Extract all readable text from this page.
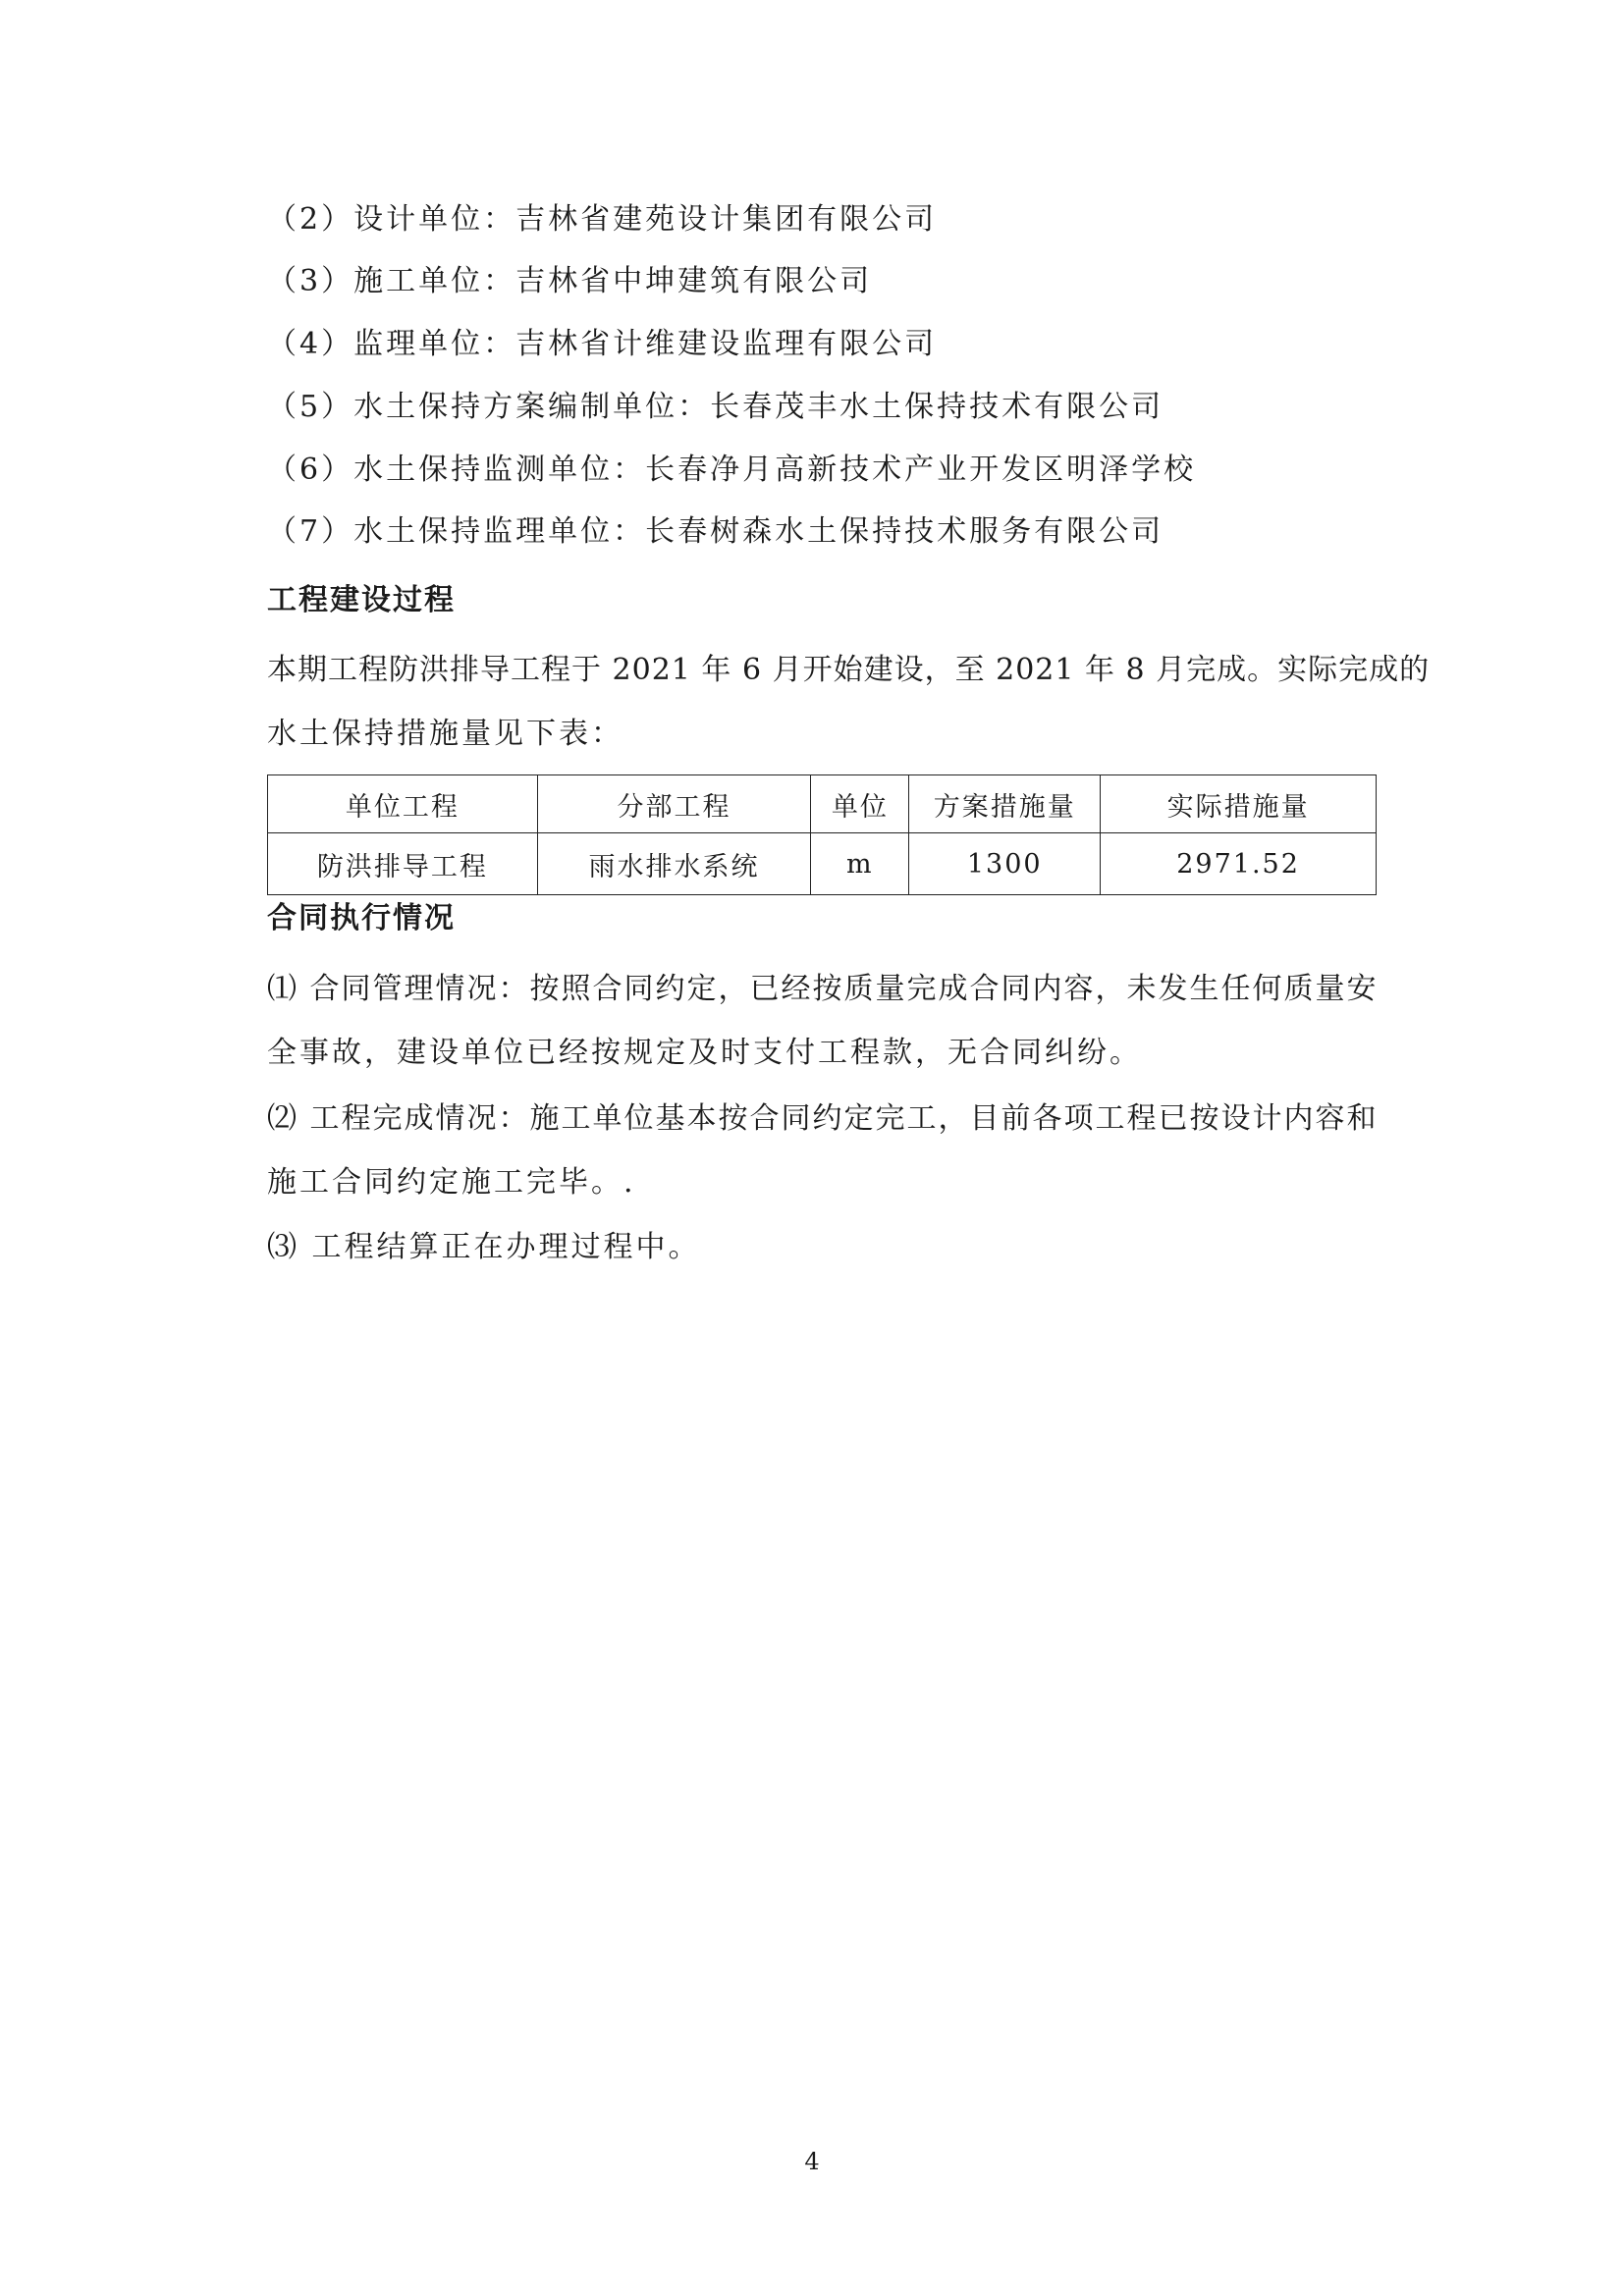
（2）设计单位：吉林省建苑设计集团有限公司
（3）施工单位：吉林省中坤建筑有限公司
（4）监理单位：吉林省计维建设监理有限公司
（5）水土保持方案编制单位：长春茂丰水土保持技术有限公司
（6）水土保持监测单位：长春净月高新技术产业开发区明泽学校
（7）水土保持监理单位：长春树森水土保持技术服务有限公司
工程建设过程
本期工程防洪排导工程于 2021 年 6 月开始建设，至 2021 年 8 月完成。实际完成的
水土保持措施量见下表：
单位工程	分部工程	单位	方案措施量	实际措施量
防洪排导工程	雨水排水系统	m	1300	2971.52
合同执行情况
⑴ 合同管理情况：按照合同约定，已经按质量完成合同内容，未发生任何质量安
全事故，建设单位已经按规定及时支付工程款，无合同纠纷。
⑵ 工程完成情况：施工单位基本按合同约定完工，目前各项工程已按设计内容和
施工合同约定施工完毕。.
⑶ 工程结算正在办理过程中。
4
